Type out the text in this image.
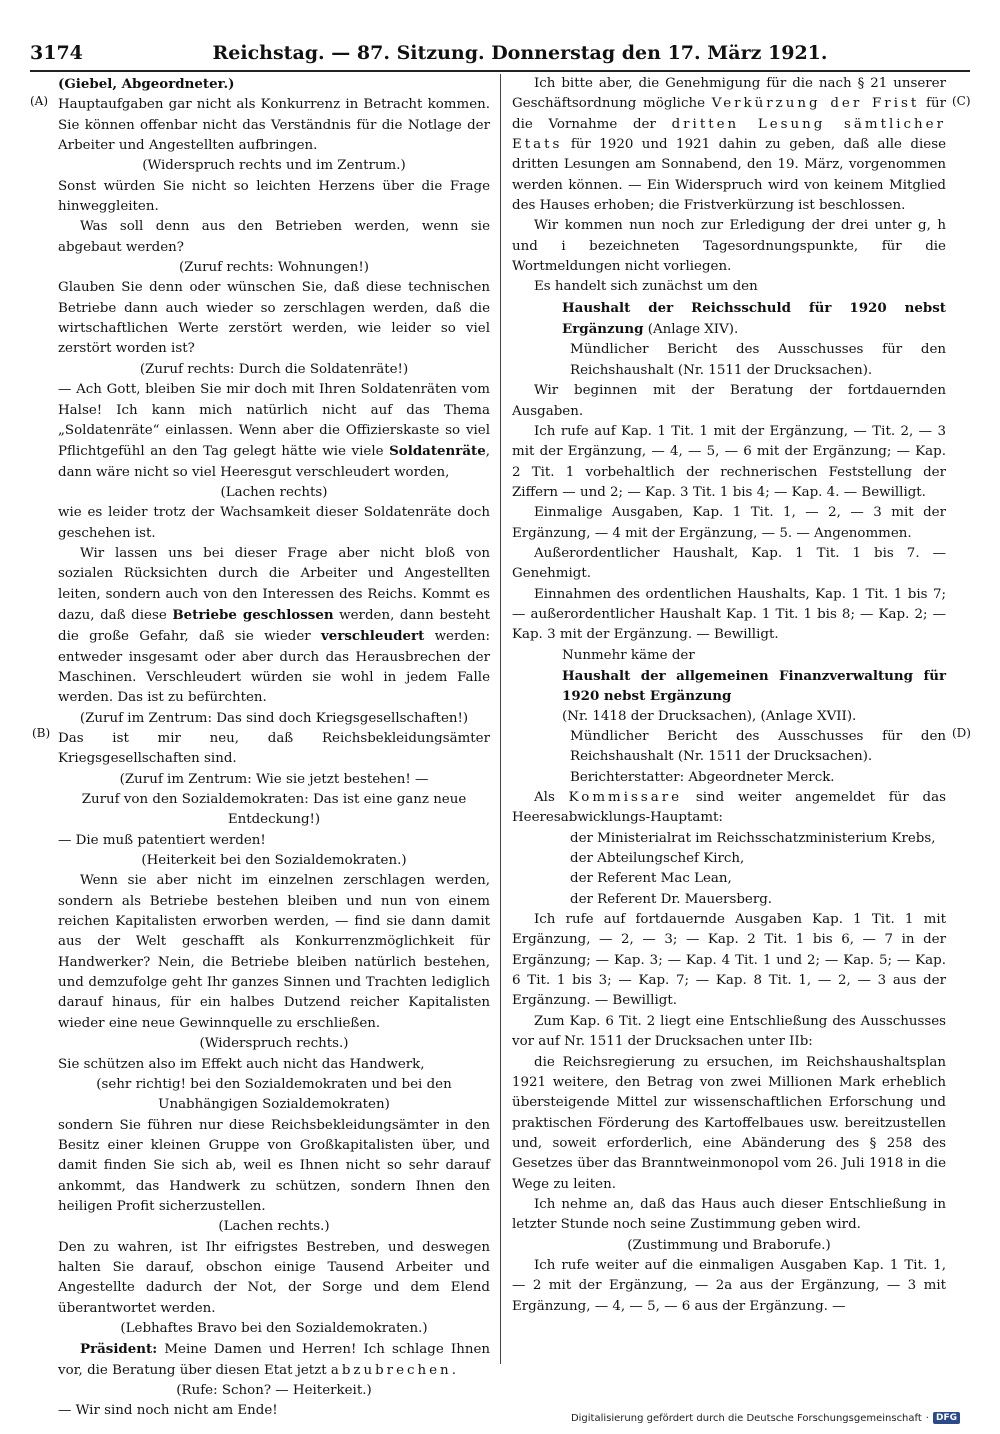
3174	Reichstag. — 87. Sitzung. Donnerstag den 17. März 1921.
(A)
(B)
(C)
(D)

(Giebel, Abgeordneter.)

Hauptaufgaben gar nicht als Konkurrenz in Betracht kommen. Sie können offenbar nicht das Verständnis für die Notlage der Arbeiter und Angestellten aufbringen.

(Widerspruch rechts und im Zentrum.)

Sonst würden Sie nicht so leichten Herzens über die Frage hinweggleiten.

Was soll denn aus den Betrieben werden, wenn sie abgebaut werden?

(Zuruf rechts: Wohnungen!)

Glauben Sie denn oder wünschen Sie, daß diese technischen Betriebe dann auch wieder so zerschlagen werden, daß die wirtschaftlichen Werte zerstört werden, wie leider so viel zerstört worden ist?

(Zuruf rechts: Durch die Soldatenräte!)

— Ach Gott, bleiben Sie mir doch mit Ihren Soldatenräten vom Halse! Ich kann mich natürlich nicht auf das Thema „Soldatenräte“ einlassen. Wenn aber die Offizierskaste so viel Pflichtgefühl an den Tag gelegt hätte wie viele Soldatenräte, dann wäre nicht so viel Heeresgut verschleudert worden,

(Lachen rechts)

wie es leider trotz der Wachsamkeit dieser Soldatenräte doch geschehen ist.

Wir lassen uns bei dieser Frage aber nicht bloß von sozialen Rücksichten durch die Arbeiter und Angestellten leiten, sondern auch von den Interessen des Reichs. Kommt es dazu, daß diese Betriebe geschlossen werden, dann besteht die große Gefahr, daß sie wieder verschleudert werden: entweder insgesamt oder aber durch das Herausbrechen der Maschinen. Verschleudert würden sie wohl in jedem Falle werden. Das ist zu befürchten.

(Zuruf im Zentrum: Das sind doch Kriegsgesellschaften!)

Das ist mir neu, daß Reichsbekleidungsämter Kriegsgesellschaften sind.

(Zuruf im Zentrum: Wie sie jetzt bestehen! —

Zuruf von den Sozialdemokraten: Das ist eine ganz neue Entdeckung!)

— Die muß patentiert werden!

(Heiterkeit bei den Sozialdemokraten.)

Wenn sie aber nicht im einzelnen zerschlagen werden, sondern als Betriebe bestehen bleiben und nun von einem reichen Kapitalisten erworben werden, — find sie dann damit aus der Welt geschafft als Konkurrenzmöglichkeit für Handwerker? Nein, die Betriebe bleiben natürlich bestehen, und demzufolge geht Ihr ganzes Sinnen und Trachten lediglich darauf hinaus, für ein halbes Dutzend reicher Kapitalisten wieder eine neue Gewinnquelle zu erschließen.

(Widerspruch rechts.)

Sie schützen also im Effekt auch nicht das Handwerk,

(sehr richtig! bei den Sozialdemokraten und bei den Unabhängigen Sozialdemokraten)

sondern Sie führen nur diese Reichsbekleidungsämter in den Besitz einer kleinen Gruppe von Großkapitalisten über, und damit finden Sie sich ab, weil es Ihnen nicht so sehr darauf ankommt, das Handwerk zu schützen, sondern Ihnen den heiligen Profit sicherzustellen.

(Lachen rechts.)

Den zu wahren, ist Ihr eifrigstes Bestreben, und deswegen halten Sie darauf, obschon einige Tausend Arbeiter und Angestellte dadurch der Not, der Sorge und dem Elend überantwortet werden.

(Lebhaftes Bravo bei den Sozialdemokraten.)

Präsident: Meine Damen und Herren! Ich schlage Ihnen vor, die Beratung über diesen Etat jetzt abzubrechen.

(Rufe: Schon? — Heiterkeit.)

— Wir sind noch nicht am Ende!

Ich bitte aber, die Genehmigung für die nach § 21 unserer Geschäftsordnung mögliche Verkürzung der Frist für die Vornahme der dritten Lesung sämtlicher Etats für 1920 und 1921 dahin zu geben, daß alle diese dritten Lesungen am Sonnabend, den 19. März, vorgenommen werden können. — Ein Widerspruch wird von keinem Mitglied des Hauses erhoben; die Fristverkürzung ist beschlossen.

Wir kommen nun noch zur Erledigung der drei unter g, h und i bezeichneten Tagesordnungspunkte, für die Wortmeldungen nicht vorliegen.

Es handelt sich zunächst um den

Haushalt der Reichsschuld für 1920 nebst Ergänzung (Anlage XIV).

Mündlicher Bericht des Ausschusses für den Reichshaushalt (Nr. 1511 der Drucksachen).

Wir beginnen mit der Beratung der fortdauernden Ausgaben.

Ich rufe auf Kap. 1 Tit. 1 mit der Ergänzung, — Tit. 2, — 3 mit der Ergänzung, — 4, — 5, — 6 mit der Ergänzung; — Kap. 2 Tit. 1 vorbehaltlich der rechnerischen Feststellung der Ziffern — und 2; — Kap. 3 Tit. 1 bis 4; — Kap. 4. — Bewilligt.

Einmalige Ausgaben, Kap. 1 Tit. 1, — 2, — 3 mit der Ergänzung, — 4 mit der Ergänzung, — 5. — Angenommen.

Außerordentlicher Haushalt, Kap. 1 Tit. 1 bis 7. — Genehmigt.

Einnahmen des ordentlichen Haushalts, Kap. 1 Tit. 1 bis 7; — außerordentlicher Haushalt Kap. 1 Tit. 1 bis 8; — Kap. 2; — Kap. 3 mit der Ergänzung. — Bewilligt.

Nunmehr käme der

Haushalt der allgemeinen Finanzverwaltung für 1920 nebst Ergänzung

(Nr. 1418 der Drucksachen), (Anlage XVII).

Mündlicher Bericht des Ausschusses für den Reichshaushalt (Nr. 1511 der Drucksachen).

Berichterstatter: Abgeordneter Merck.

Als Kommissare sind weiter angemeldet für das Heeresabwicklungs-Hauptamt:

der Ministerialrat im Reichsschatzministerium Krebs,

der Abteilungschef Kirch,

der Referent Mac Lean,

der Referent Dr. Mauersberg.

Ich rufe auf fortdauernde Ausgaben Kap. 1 Tit. 1 mit Ergänzung, — 2, — 3; — Kap. 2 Tit. 1 bis 6, — 7 in der Ergänzung; — Kap. 3; — Kap. 4 Tit. 1 und 2; — Kap. 5; — Kap. 6 Tit. 1 bis 3; — Kap. 7; — Kap. 8 Tit. 1, — 2, — 3 aus der Ergänzung. — Bewilligt.

Zum Kap. 6 Tit. 2 liegt eine Entschließung des Ausschusses vor auf Nr. 1511 der Drucksachen unter IIb:

die Reichsregierung zu ersuchen, im Reichshaushaltsplan 1921 weitere, den Betrag von zwei Millionen Mark erheblich übersteigende Mittel zur wissenschaftlichen Erforschung und praktischen Förderung des Kartoffelbaues usw. bereitzustellen und, soweit erforderlich, eine Abänderung des § 258 des Gesetzes über das Branntweinmonopol vom 26. Juli 1918 in die Wege zu leiten.

Ich nehme an, daß das Haus auch dieser Entschließung in letzter Stunde noch seine Zustimmung geben wird.

(Zustimmung und Braborufe.)

Ich rufe weiter auf die einmaligen Ausgaben Kap. 1 Tit. 1, — 2 mit der Ergänzung, — 2a aus der Ergänzung, — 3 mit Ergänzung, — 4, — 5, — 6 aus der Ergänzung. —

Digitalisierung gefördert durch die Deutsche Forschungsgemeinschaft · DFG
